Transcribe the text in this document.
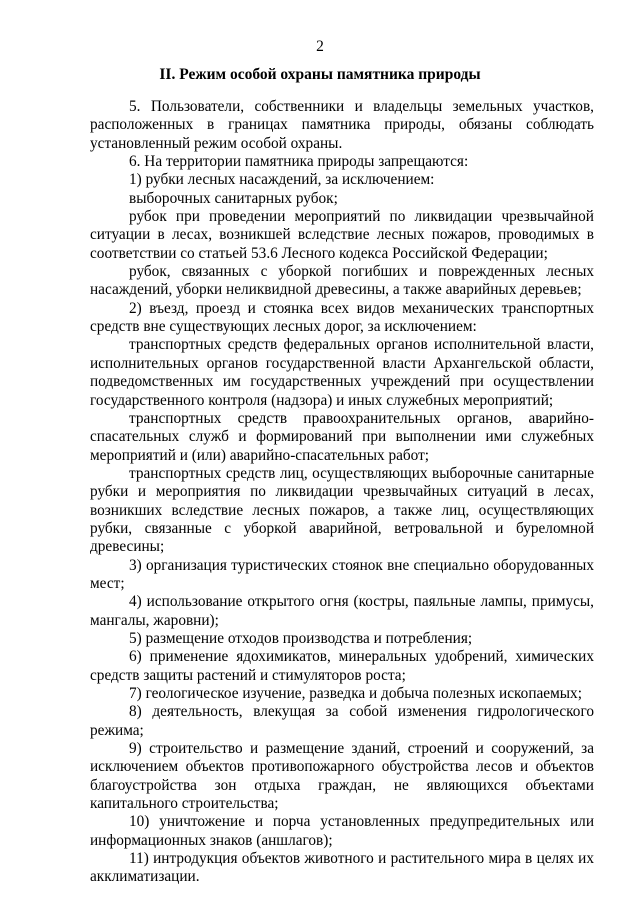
2
II. Режим особой охраны памятника природы

5. Пользователи, собственники и владельцы земельных участков, расположенных в границах памятника природы, обязаны соблюдать установленный режим особой охраны.

6. На территории памятника природы запрещаются:

1) рубки лесных насаждений, за исключением:

выборочных санитарных рубок;

рубок при проведении мероприятий по ликвидации чрезвычайной ситуации в лесах, возникшей вследствие лесных пожаров, проводимых в соответствии со статьей 53.6 Лесного кодекса Российской Федерации;

рубок, связанных с уборкой погибших и поврежденных лесных насаждений, уборки неликвидной древесины, а также аварийных деревьев;

2) въезд, проезд и стоянка всех видов механических транспортных средств вне существующих лесных дорог, за исключением:

транспортных средств федеральных органов исполнительной власти, исполнительных органов государственной власти Архангельской области, подведомственных им государственных учреждений при осуществлении государственного контроля (надзора) и иных служебных мероприятий;

транспортных средств правоохранительных органов, аварийно-спасательных служб и формирований при выполнении ими служебных мероприятий и (или) аварийно-спасательных работ;

транспортных средств лиц, осуществляющих выборочные санитарные рубки и мероприятия по ликвидации чрезвычайных ситуаций в лесах, возникших вследствие лесных пожаров, а также лиц, осуществляющих рубки, связанные с уборкой аварийной, ветровальной и буреломной древесины;

3) организация туристических стоянок вне специально оборудованных мест;

4) использование открытого огня (костры, паяльные лампы, примусы, мангалы, жаровни);

5) размещение отходов производства и потребления;

6) применение ядохимикатов, минеральных удобрений, химических средств защиты растений и стимуляторов роста;

7) геологическое изучение, разведка и добыча полезных ископаемых;

8) деятельность, влекущая за собой изменения гидрологического режима;

9) строительство и размещение зданий, строений и сооружений, за исключением объектов противопожарного обустройства лесов и объектов благоустройства зон отдыха граждан, не являющихся объектами капитального строительства;

10) уничтожение и порча установленных предупредительных или информационных знаков (аншлагов);

11) интродукция объектов животного и растительного мира в целях их акклиматизации.
